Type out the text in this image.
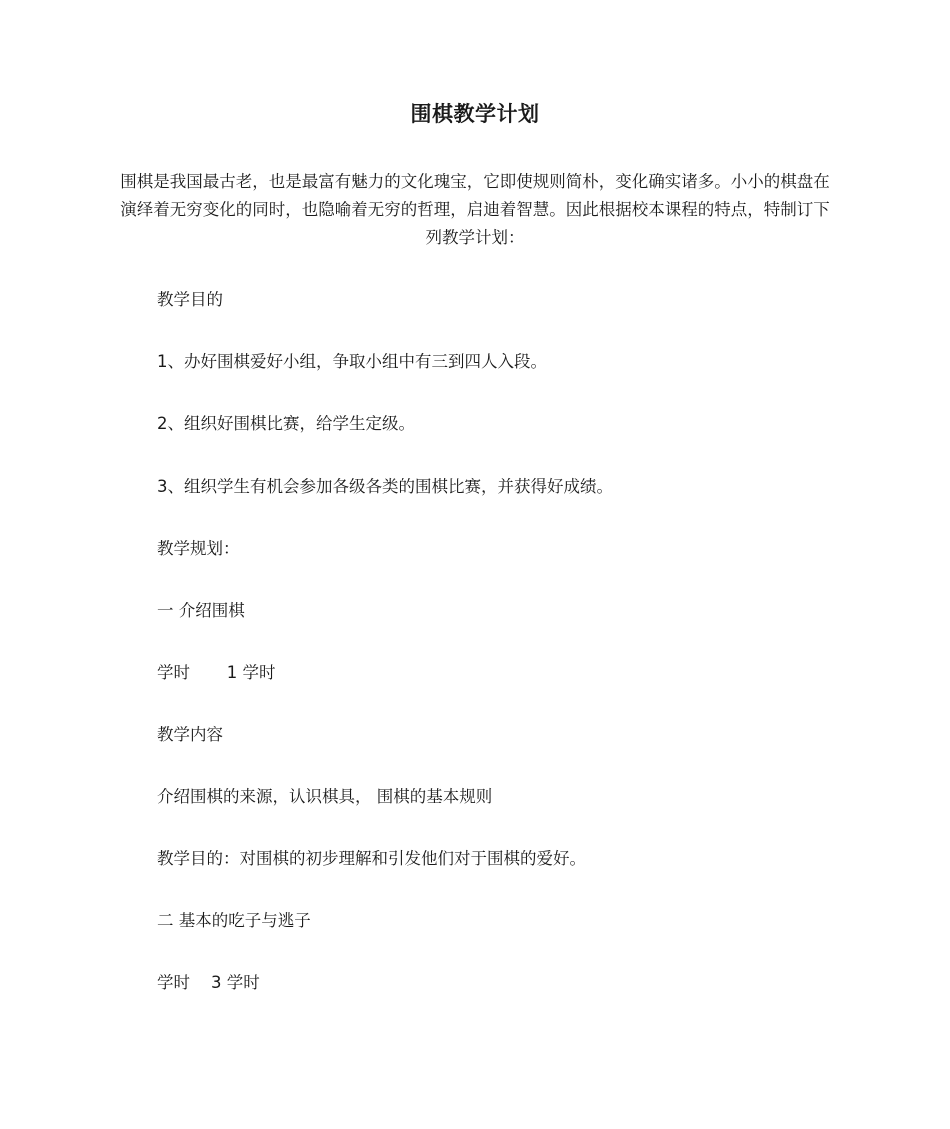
围棋教学计划
围棋是我国最古老，也是最富有魅力的文化瑰宝，它即使规则简朴，变化确实诸多。小小的棋盘在演绎着无穷变化的同时，也隐喻着无穷的哲理，启迪着智慧。因此根据校本课程的特点，特制订下列教学计划：
教学目的
1、办好围棋爱好小组，争取小组中有三到四人入段。
2、组织好围棋比赛，给学生定级。
3、组织学生有机会参加各级各类的围棋比赛，并获得好成绩。
教学规划：
一 介绍围棋
学时       1 学时
教学内容
介绍围棋的来源，认识棋具， 围棋的基本规则
教学目的：对围棋的初步理解和引发他们对于围棋的爱好。
二 基本的吃子与逃子
学时    3 学时
